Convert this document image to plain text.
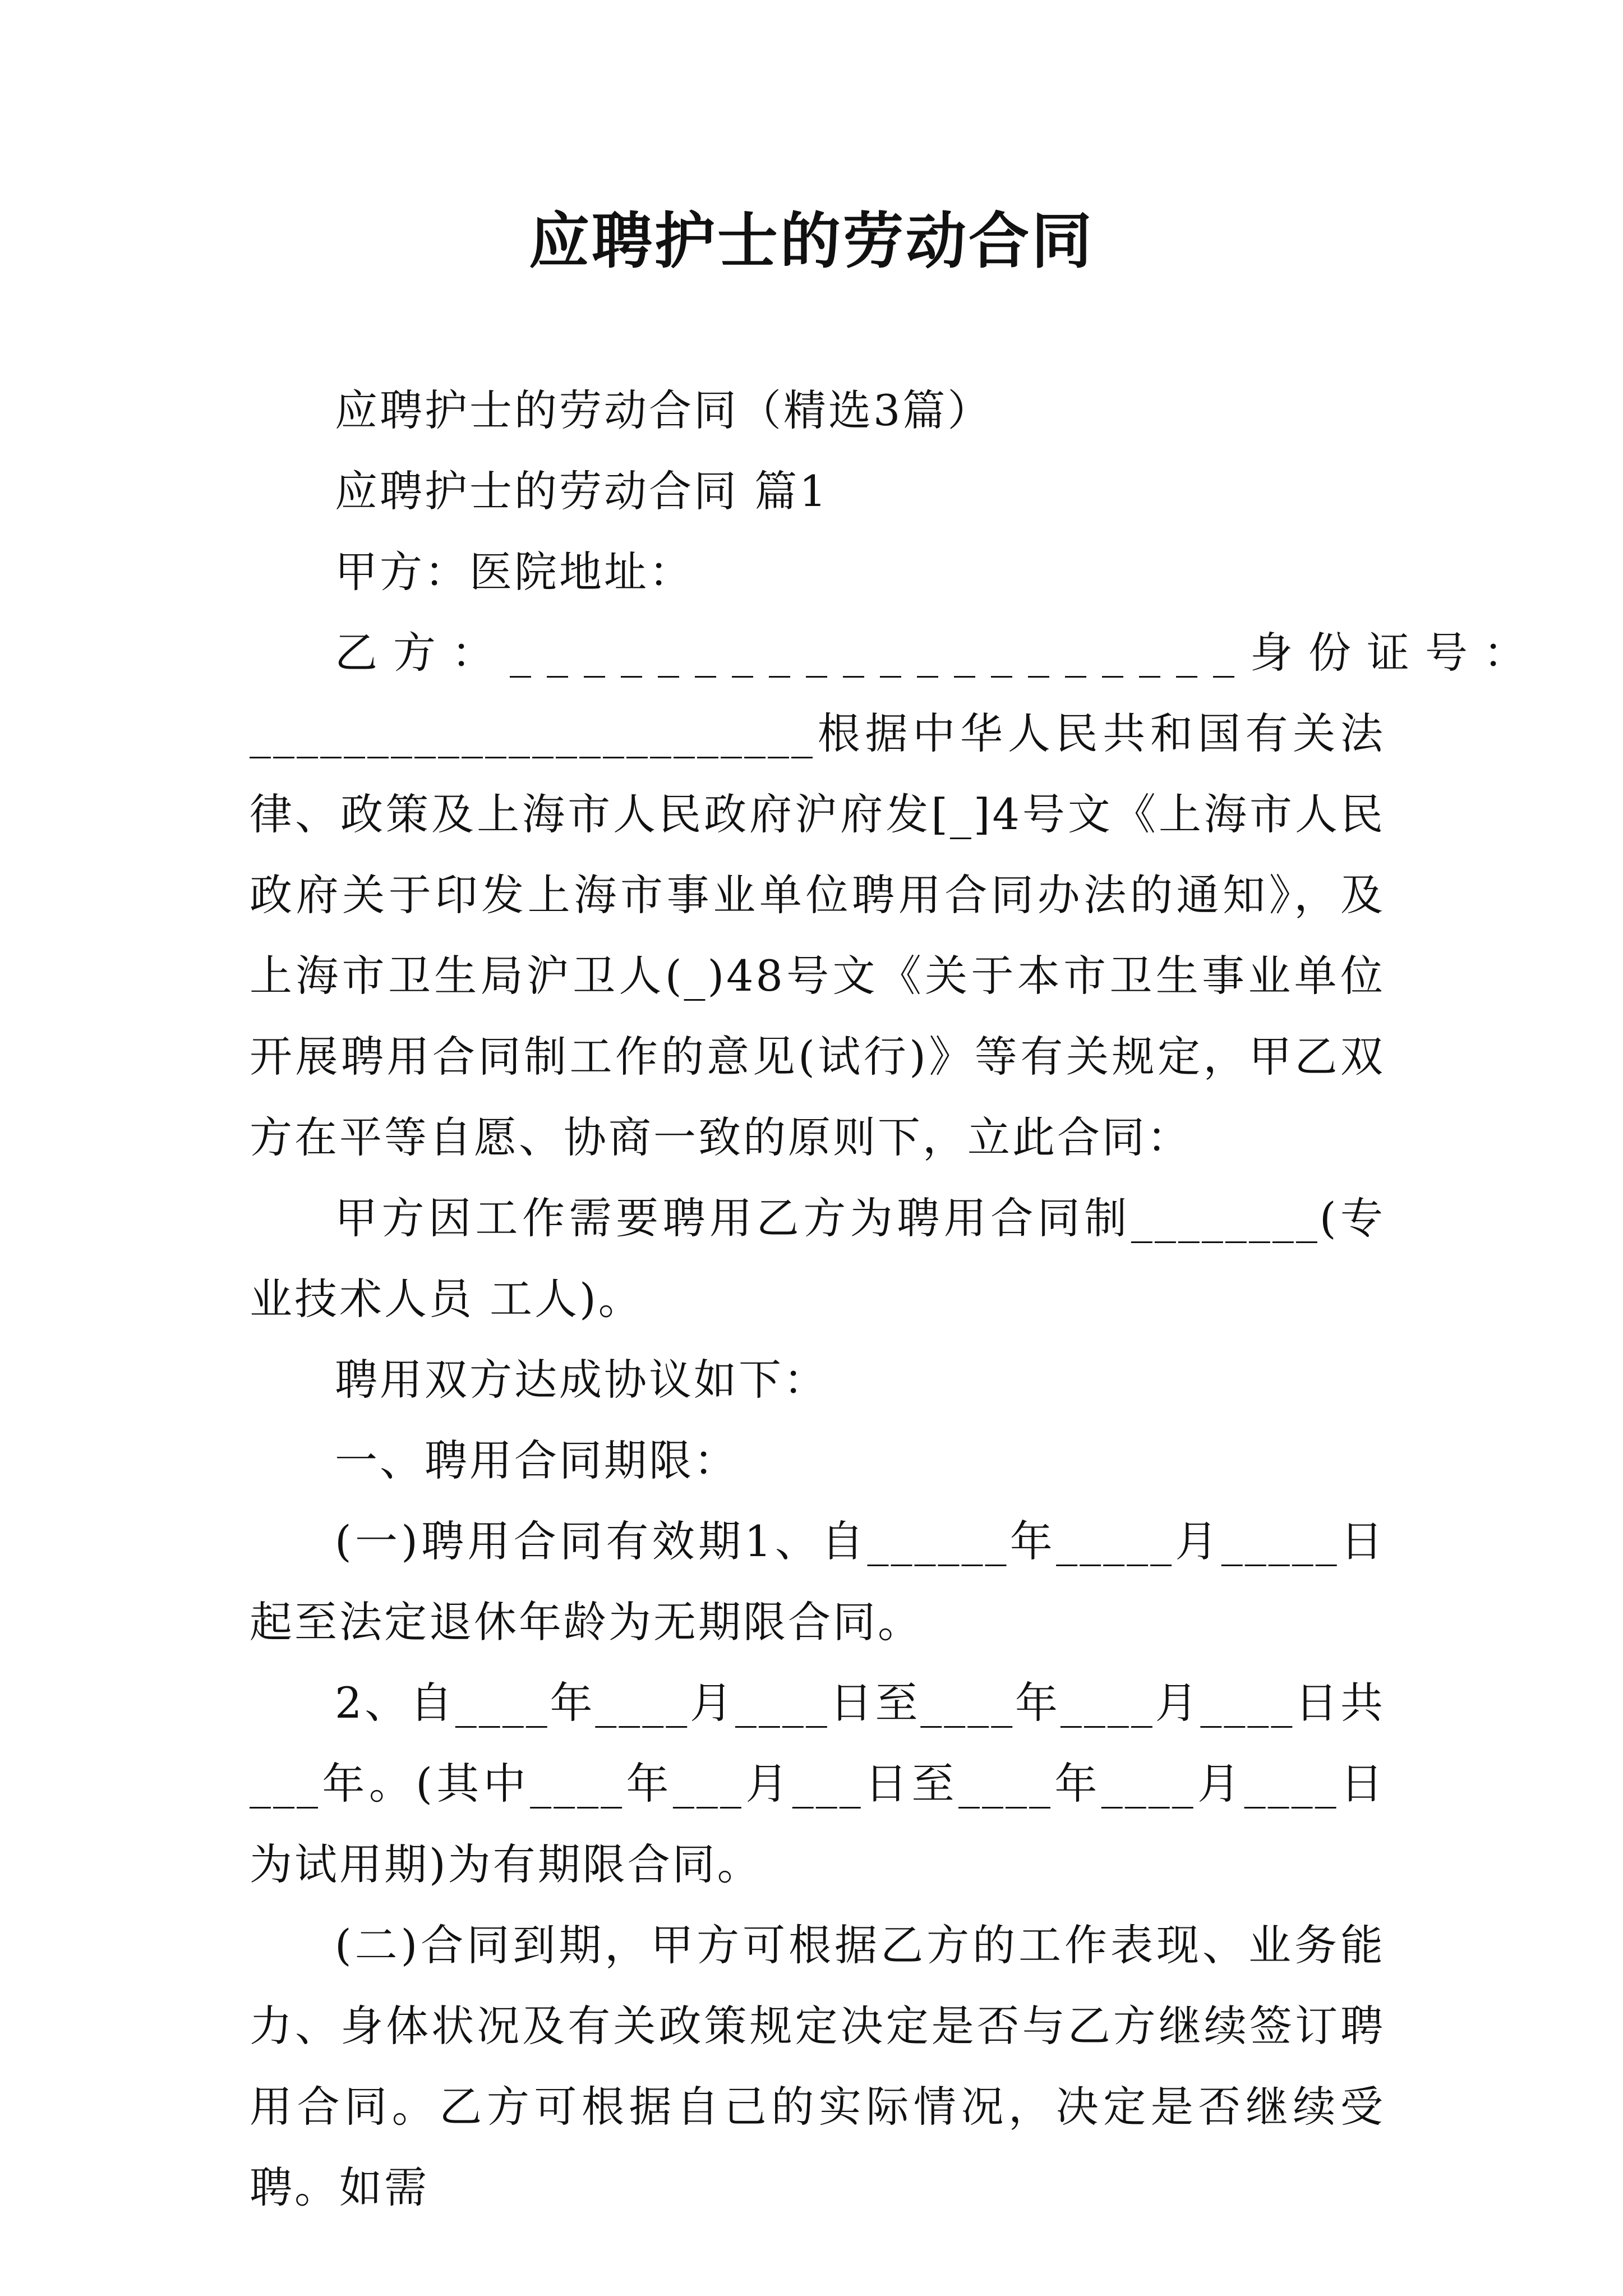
应聘护士的劳动合同

应聘护士的劳动合同（精选3篇）

应聘护士的劳动合同 篇1

甲方：医院地址：

乙方：____________________身份证号：

________________________根据中华人民共和国有关法律、政策及上海市人民政府沪府发[_]4号文《上海市人民政府关于印发上海市事业单位聘用合同办法的通知》，及上海市卫生局沪卫人(_)48号文《关于本市卫生事业单位开展聘用合同制工作的意见(试行)》等有关规定，甲乙双方在平等自愿、协商一致的原则下，立此合同：

甲方因工作需要聘用乙方为聘用合同制________(专业技术人员 工人)。

聘用双方达成协议如下：

一、聘用合同期限：

(一)聘用合同有效期1、自______年_____月_____日起至法定退休年龄为无期限合同。

2、自____年____月____日至____年____月____日共___年。(其中____年___月___日至____年____月____日为试用期)为有期限合同。

(二)合同到期，甲方可根据乙方的工作表现、业务能力、身体状况及有关政策规定决定是否与乙方继续签订聘用合同。乙方可根据自己的实际情况，决定是否继续受聘。如需
